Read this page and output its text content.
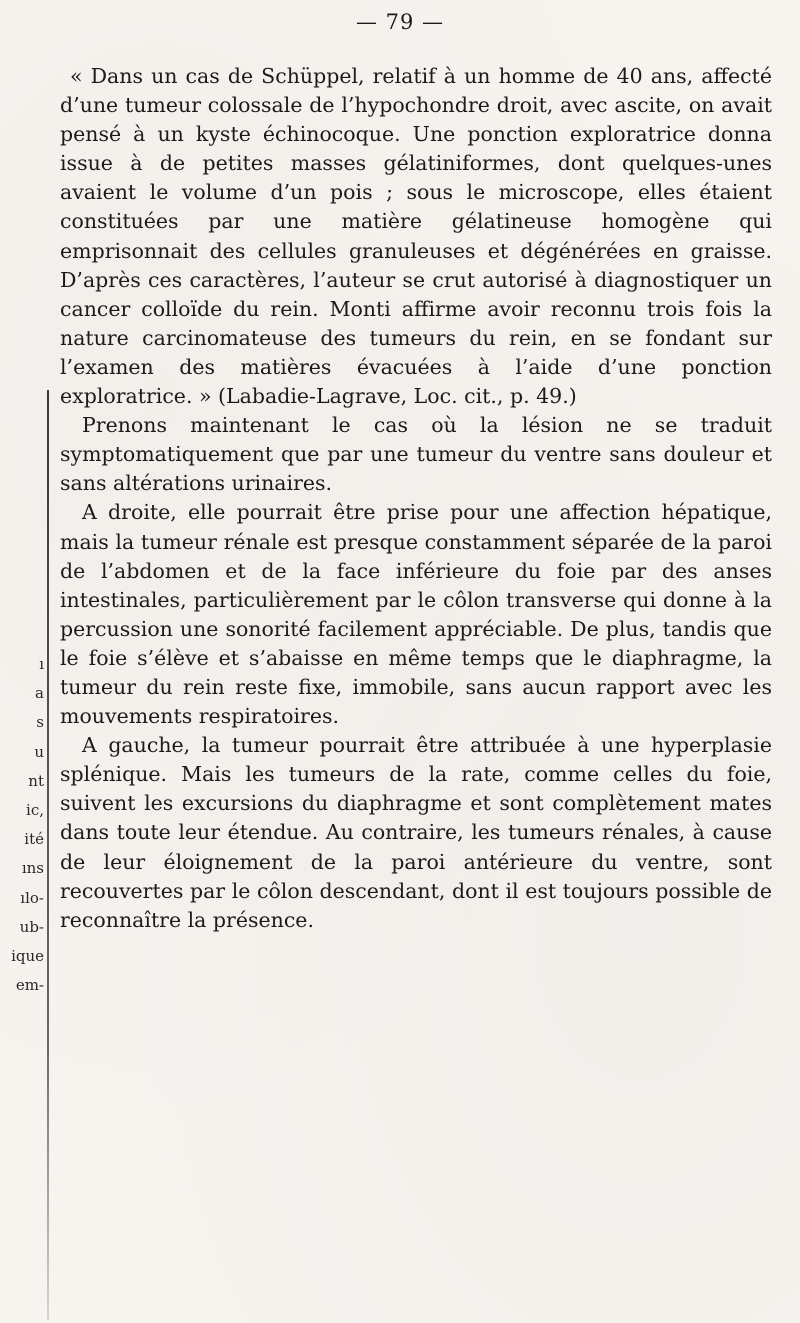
— 79 —

« Dans un cas de Schüppel, relatif à un homme de 40 ans, affecté d’une tumeur colossale de l’hypochondre droit, avec ascite, on avait pensé à un kyste échinocoque. Une ponction exploratrice donna issue à de petites masses gélatiniformes, dont quelques-unes avaient le volume d’un pois ; sous le microscope, elles étaient constituées par une matière gélatineuse homogène qui emprisonnait des cellules granuleuses et dégénérées en graisse. D’après ces caractères, l’auteur se crut autorisé à diagnostiquer un cancer colloïde du rein. Monti affirme avoir reconnu trois fois la nature carcinomateuse des tumeurs du rein, en se fondant sur l’examen des matières évacuées à l’aide d’une ponction exploratrice. » (Labadie-Lagrave, Loc. cit., p. 49.)

Prenons maintenant le cas où la lésion ne se traduit symptomatiquement que par une tumeur du ventre sans douleur et sans altérations urinaires.

A droite, elle pourrait être prise pour une affection hépatique, mais la tumeur rénale est presque constamment séparée de la paroi de l’abdomen et de la face inférieure du foie par des anses intestinales, particulièrement par le côlon transverse qui donne à la percussion une sonorité facilement appréciable. De plus, tandis que le foie s’élève et s’abaisse en même temps que le diaphragme, la tumeur du rein reste fixe, immobile, sans aucun rapport avec les mouvements respiratoires.

A gauche, la tumeur pourrait être attribuée à une hyperplasie splénique. Mais les tumeurs de la rate, comme celles du foie, suivent les excursions du diaphragme et sont complètement mates dans toute leur étendue. Au contraire, les tumeurs rénales, à cause de leur éloignement de la paroi antérieure du ventre, sont recouvertes par le côlon descendant, dont il est toujours possible de reconnaître la présence.

ı
a
s
u
nt
ic,
ité
ıns
ılo-
ub-
ique
em-
